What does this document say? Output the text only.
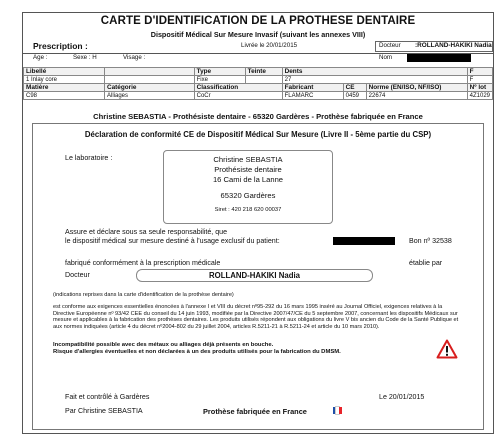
CARTE D'IDENTIFICATION DE LA PROTHESE DENTAIRE
Dispositif Médical Sur Mesure Invasif (suivant les annexes VIII)
Prescription :	Livrée le 20/01/2015	Docteur :ROLLAND-HAKIKI Nadia
Age :	Sexe : H	Visage :	Nom
Libellé		Type	Teinte	Dents			F
1 Inlay core		Fixe		27			F
Matière	Catégorie	Classification		Fabricant	CE	Norme (EN/ISO, NF/ISO)	Nº lot
C98	Alliages	CoCr		FLAMARC	0459	22674	4Z1029
Christine SEBASTIA - Prothésiste dentaire - 65320 Gardères - Prothèse fabriquée en France
Déclaration de conformité CE de Dispositif Médical Sur Mesure (Livre II - 5ème partie du CSP)
Le laboratoire :	Christine SEBASTIA
Prothésiste dentaire
16 Cami de la Lanne
65320 Gardères
Siret : 420 218 620 00037
Assure et déclare sous sa seule responsabilité, que
le dispositif médical sur mesure destiné à l'usage exclusif du patient:	Bon nº 32538
fabriqué conformément à la prescription médicale	établie par
Docteur	ROLLAND-HAKIKI Nadia
(indications reprises dans la carte d'identification de la prothèse dentaire)
est conforme aux exigences essentielles énoncées à l'annexe I et VIII du décret nº95-292 du 16 mars 1995 inséré au Journal Officiel, exigences relatives à la Directive Européenne nº 93/42 CEE du conseil du 14 juin 1993, modifiée par la Directive 2007/47/CE du 5 septembre 2007, concernant les dispositifs Médicaux sur mesure et applicables à la fabrication des prothèses dentaires. Les produits utilisés répondent aux obligations du livre V bis ancien du Code de la Santé Publique et aux normes indiquées (article 4 du décret nº2004-802 du 29 juillet 2004, articles R.5211-21 à R.5211-24 et article du 10 mars 2010).
Incompatibilité possible avec des métaux ou alliages déjà présents en bouche.
Risque d'allergies éventuelles et non déclarées à un des produits utilisés pour la fabrication du DMSM.
Fait et contrôlé à Gardères
Par Christine SEBASTIA	Prothèse fabriquée en France
Le 20/01/2015
